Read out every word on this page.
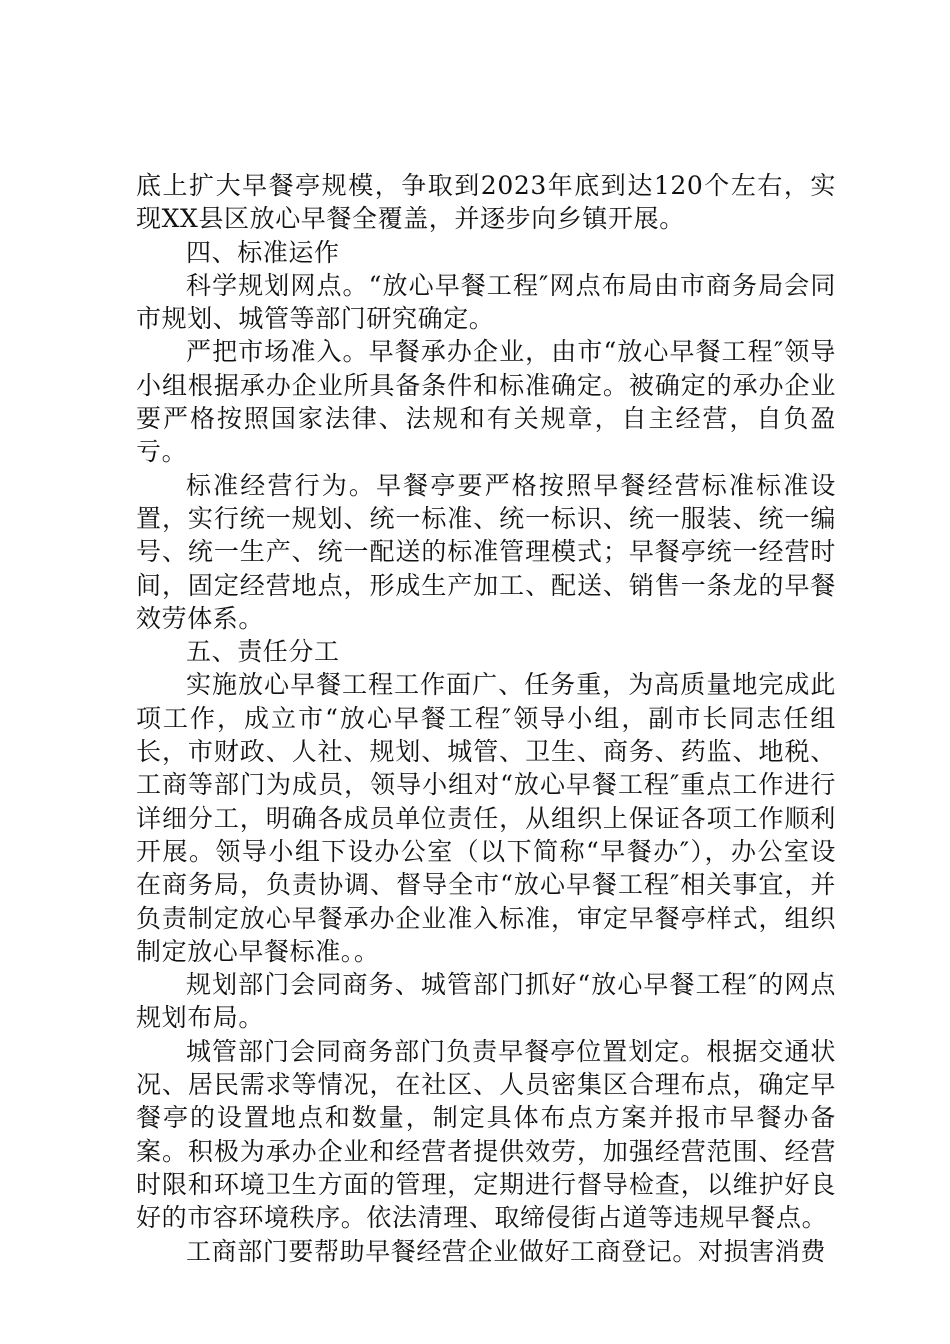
底上扩大早餐亭规模，争取到2023年底到达120个左右，实现XX县区放心早餐全覆盖，并逐步向乡镇开展。

四、标准运作

科学规划网点。“放心早餐工程″网点布局由市商务局会同市规划、城管等部门研究确定。

严把市场准入。早餐承办企业，由市“放心早餐工程″领导小组根据承办企业所具备条件和标准确定。被确定的承办企业要严格按照国家法律、法规和有关规章，自主经营，自负盈亏。

标准经营行为。早餐亭要严格按照早餐经营标准标准设置，实行统一规划、统一标准、统一标识、统一服装、统一编号、统一生产、统一配送的标准管理模式；早餐亭统一经营时间，固定经营地点，形成生产加工、配送、销售一条龙的早餐效劳体系。

五、责任分工

实施放心早餐工程工作面广、任务重，为高质量地完成此项工作，成立市“放心早餐工程″领导小组，副市长同志任组长，市财政、人社、规划、城管、卫生、商务、药监、地税、工商等部门为成员，领导小组对“放心早餐工程″重点工作进行详细分工，明确各成员单位责任，从组织上保证各项工作顺利开展。领导小组下设办公室（以下简称“早餐办″），办公室设在商务局，负责协调、督导全市“放心早餐工程″相关事宜，并负责制定放心早餐承办企业准入标准，审定早餐亭样式，组织制定放心早餐标准。。

规划部门会同商务、城管部门抓好“放心早餐工程″的网点规划布局。

城管部门会同商务部门负责早餐亭位置划定。根据交通状况、居民需求等情况，在社区、人员密集区合理布点，确定早餐亭的设置地点和数量，制定具体布点方案并报市早餐办备案。积极为承办企业和经营者提供效劳，加强经营范围、经营时限和环境卫生方面的管理，定期进行督导检查，以维护好良好的市容环境秩序。依法清理、取缔侵街占道等违规早餐点。

工商部门要帮助早餐经营企业做好工商登记。对损害消费
